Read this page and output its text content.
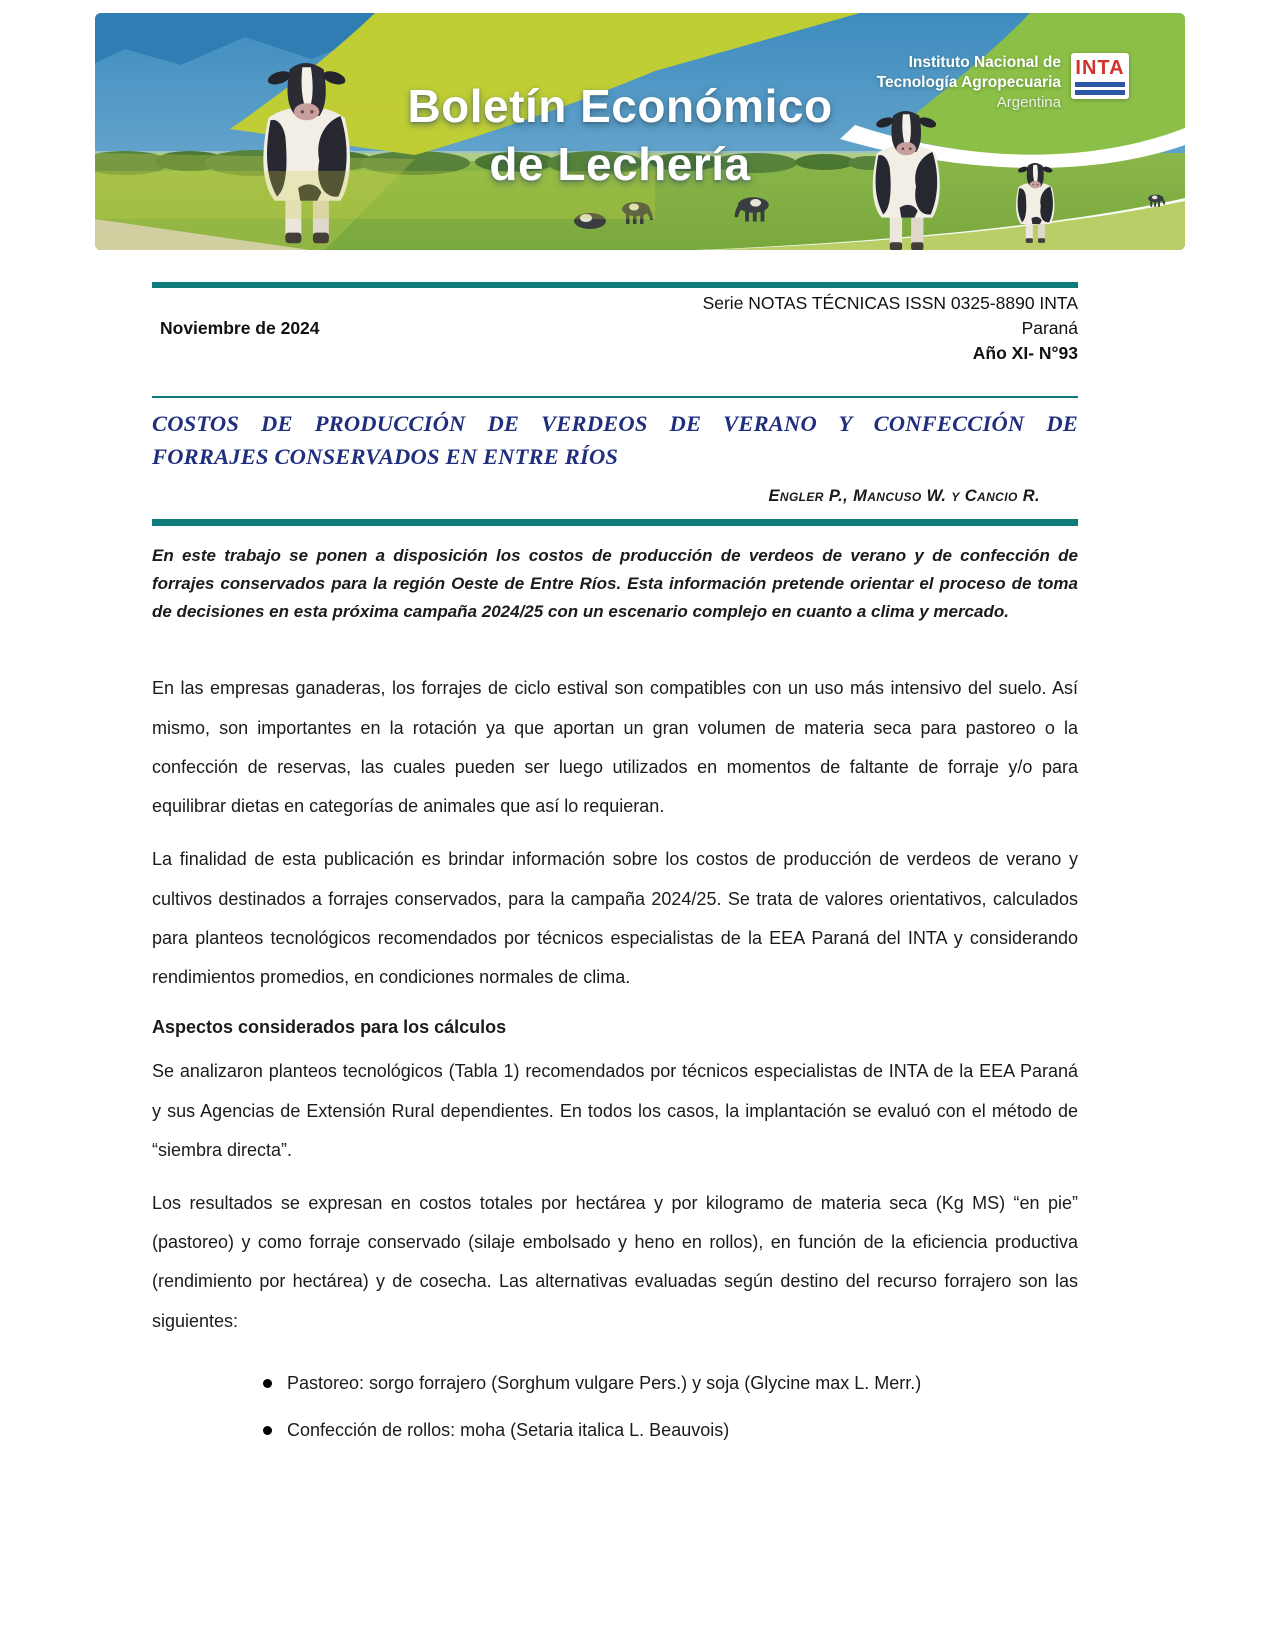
Boletín Económico
de Lechería
Instituto Nacional de
Tecnología Agropecuaria
Argentina
INTA
Serie NOTAS TÉCNICAS ISSN 0325-8890 INTA
Paraná
Año XI- N°93
Noviembre de 2024
COSTOS DE PRODUCCIÓN DE VERDEOS DE VERANO Y CONFECCIÓN DE
FORRAJES CONSERVADOS EN ENTRE RÍOS
Engler P., Mancuso W. y Cancio R.

En este trabajo se ponen a disposición los costos de producción de verdeos de verano y de confección de forrajes conservados para la región Oeste de Entre Ríos. Esta información pretende orientar el proceso de toma de decisiones en esta próxima campaña 2024/25 con un escenario complejo en cuanto a clima y mercado.

En las empresas ganaderas, los forrajes de ciclo estival son compatibles con un uso más intensivo del suelo. Así mismo, son importantes en la rotación ya que aportan un gran volumen de materia seca para pastoreo o la confección de reservas, las cuales pueden ser luego utilizados en momentos de faltante de forraje y/o para equilibrar dietas en categorías de animales que así lo requieran.

La finalidad de esta publicación es brindar información sobre los costos de producción de verdeos de verano y cultivos destinados a forrajes conservados, para la campaña 2024/25. Se trata de valores orientativos, calculados para planteos tecnológicos recomendados por técnicos especialistas de la EEA Paraná del INTA y considerando rendimientos promedios, en condiciones normales de clima.

Aspectos considerados para los cálculos

Se analizaron planteos tecnológicos (Tabla 1) recomendados por técnicos especialistas de INTA de la EEA Paraná y sus Agencias de Extensión Rural dependientes. En todos los casos, la implantación se evaluó con el método de “siembra directa”.

Los resultados se expresan en costos totales por hectárea y por kilogramo de materia seca (Kg MS) “en pie” (pastoreo) y como forraje conservado (silaje embolsado y heno en rollos), en función de la eficiencia productiva (rendimiento por hectárea) y de cosecha. Las alternativas evaluadas según destino del recurso forrajero son las siguientes:

Pastoreo: sorgo forrajero (Sorghum vulgare Pers.) y soja (Glycine max L. Merr.)
Confección de rollos: moha (Setaria italica L. Beauvois)
